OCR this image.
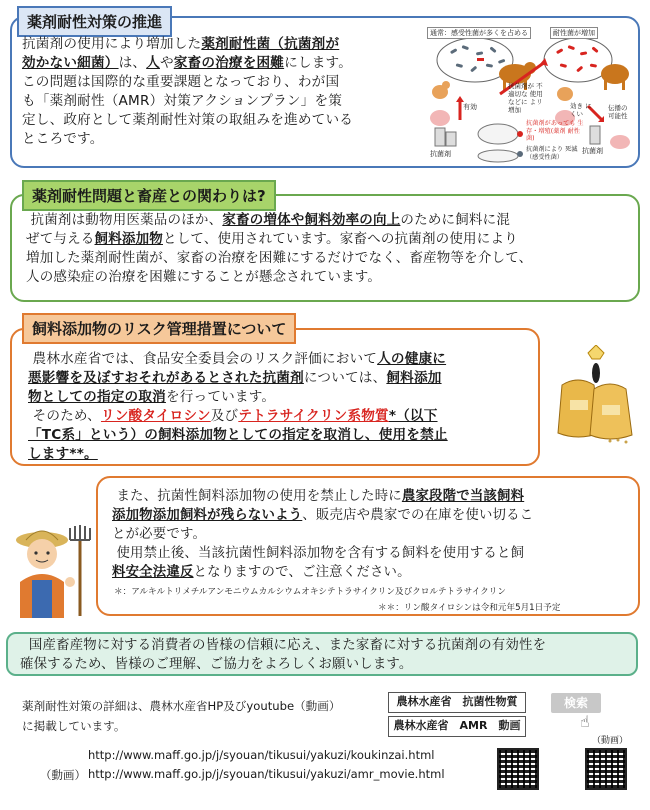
薬剤耐性対策の推進
抗菌剤の使用により増加した薬剤耐性菌（抗菌剤が
効かない細菌）は、人や家畜の治療を困難にします。
この問題は国際的な重要課題となっており、わが国
も「薬剤耐性（AMR）対策アクションプラン」を策
定し、政府として薬剤耐性対策の取組みを進めている
ところです。
通常：感受性菌が多くを占める	耐性菌が増加
有効
抗菌剤が 不適切な 使用などに よリ増加	効き にくい
伝播の 可能性
抗菌剤	抗菌剤
抗菌剤があっても 生存・増殖(薬剤 耐性菌)
抗菌剤により 死滅（感受性菌）
薬剤耐性問題と畜産との関わりは?
抗菌剤は動物用医薬品のほか、家畜の増体や飼料効率の向上のために飼料に混
ぜて与える飼料添加物として、使用されています。家畜への抗菌剤の使用により
増加した薬剤耐性菌が、家畜の治療を困難にするだけでなく、畜産物等を介して、
人の感染症の治療を困難にすることが懸念されています。
飼料添加物のリスク管理措置について
農林水産省では、食品安全委員会のリスク評価において人の健康に
悪影響を及ぼすおそれがあるとされた抗菌剤については、飼料添加
物としての指定の取消を行っています。
そのため、リン酸タイロシン及びテトラサイクリン系物質*（以下
「TC系」という）の飼料添加物としての指定を取消し、使用を禁止
します**。
また、抗菌性飼料添加物の使用を禁止した時に農家段階で当該飼料
添加物添加飼料が残らないよう、販売店や農家での在庫を使い切るこ
とが必要です。
使用禁止後、当該抗菌性飼料添加物を含有する飼料を使用すると飼
料安全法違反となりますので、ご注意ください。
＊：アルキルトリメチルアンモニウムカルシウムオキシテトラサイクリン及びクロルテトラサイクリン
＊＊：リン酸タイロシンは令和元年5月1日予定
国産畜産物に対する消費者の皆様の信頼に応え、また家畜に対する抗菌剤の有効性を
確保するため、皆様のご理解、ご協力をよろしくお願いします。
薬剤耐性対策の詳細は、農林水産省HP及びyoutube（動画）
に掲載しています。
農林水産省　抗菌性物質
農林水産省　AMR　動画
検索
☝
（動画）
http://www.maff.go.jp/j/syouan/tikusui/yakuzi/koukinzai.html
（動画） http://www.maff.go.jp/j/syouan/tikusui/yakuzi/amr_movie.html
